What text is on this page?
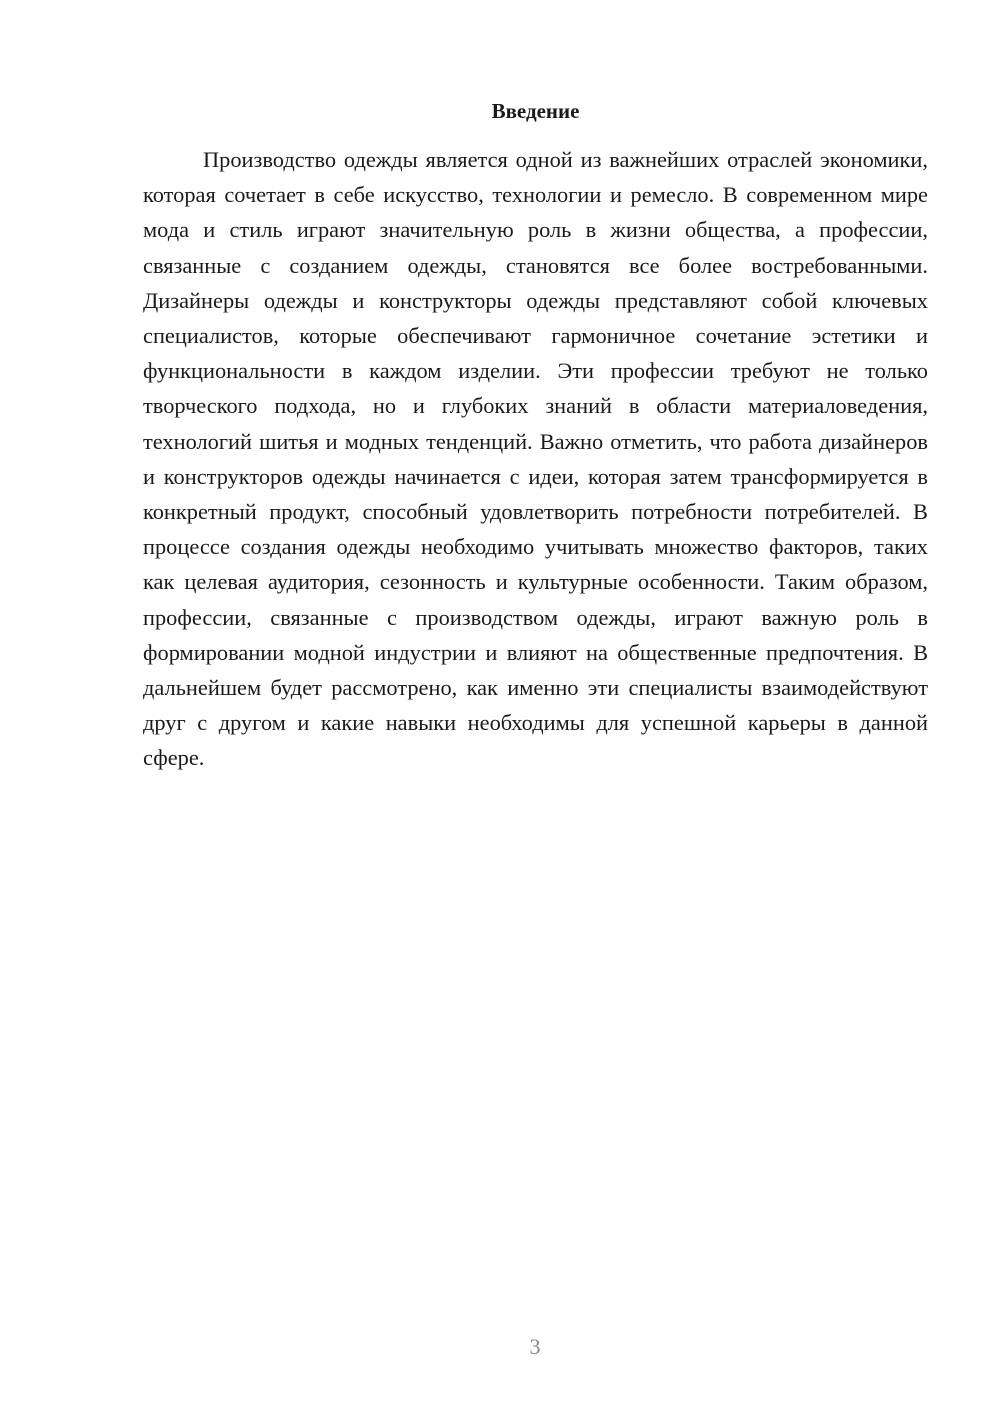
Введение

Производство одежды является одной из важнейших отраслей экономики, которая сочетает в себе искусство, технологии и ремесло. В современном мире мода и стиль играют значительную роль в жизни общества, а профессии, связанные с созданием одежды, становятся все более востребованными. Дизайнеры одежды и конструкторы одежды представляют собой ключевых специалистов, которые обеспечивают гармоничное сочетание эстетики и функциональности в каждом изделии. Эти профессии требуют не только творческого подхода, но и глубоких знаний в области материаловедения, технологий шитья и модных тенденций. Важно отметить, что работа дизайнеров и конструкторов одежды начинается с идеи, которая затем трансформируется в конкретный продукт, способный удовлетворить потребности потребителей. В процессе создания одежды необходимо учитывать множество факторов, таких как целевая аудитория, сезонность и культурные особенности. Таким образом, профессии, связанные с производством одежды, играют важную роль в формировании модной индустрии и влияют на общественные предпочтения. В дальнейшем будет рассмотрено, как именно эти специалисты взаимодействуют друг с другом и какие навыки необходимы для успешной карьеры в данной сфере.

3
